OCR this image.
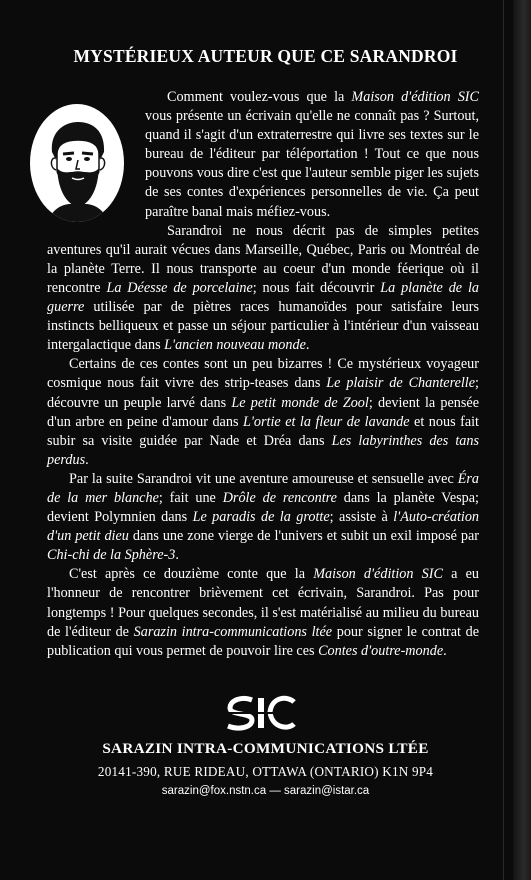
MYSTÉRIEUX AUTEUR QUE CE SARANDROI

Comment voulez-vous que la Maison d'édition SIC vous présente un écrivain qu'elle ne connaît pas ? Surtout, quand il s'agit d'un extraterrestre qui livre ses textes sur le bureau de l'éditeur par téléportation ! Tout ce que nous pouvons vous dire c'est que l'auteur semble piger les sujets de ses contes d'expériences personnelles de vie. Ça peut paraître banal mais méfiez-vous.

Sarandroi ne nous décrit pas de simples petites aventures qu'il aurait vécues dans Marseille, Québec, Paris ou Montréal de la planète Terre. Il nous transporte au coeur d'un monde féerique où il rencontre La Déesse de porcelaine; nous fait découvrir La planète de la guerre utilisée par de piètres races humanoïdes pour satisfaire leurs instincts belliqueux et passe un séjour particulier à l'intérieur d'un vaisseau intergalactique dans L'ancien nouveau monde.

Certains de ces contes sont un peu bizarres ! Ce mystérieux voyageur cosmique nous fait vivre des strip-teases dans Le plaisir de Chanterelle; découvre un peuple larvé dans Le petit monde de Zool; devient la pensée d'un arbre en peine d'amour dans L'ortie et la fleur de lavande et nous fait subir sa visite guidée par Nade et Dréa dans Les labyrinthes des tans perdus.

Par la suite Sarandroi vit une aventure amoureuse et sensuelle avec Éra de la mer blanche; fait une Drôle de rencontre dans la planète Vespa; devient Polymnien dans Le paradis de la grotte; assiste à l'Auto-création d'un petit dieu dans une zone vierge de l'univers et subit un exil imposé par Chi-chi de la Sphère-3.

C'est après ce douzième conte que la Maison d'édition SIC a eu l'honneur de rencontrer brièvement cet écrivain, Sarandroi. Pas pour longtemps ! Pour quelques secondes, il s'est matérialisé au milieu du bureau de l'éditeur de Sarazin intra-communications ltée pour signer le contrat de publication qui vous permet de pouvoir lire ces Contes d'outre-monde.

SARAZIN INTRA-COMMUNICATIONS LTÉE

20141-390, RUE RIDEAU, OTTAWA (ONTARIO) K1N 9P4

sarazin@fox.nstn.ca — sarazin@istar.ca
